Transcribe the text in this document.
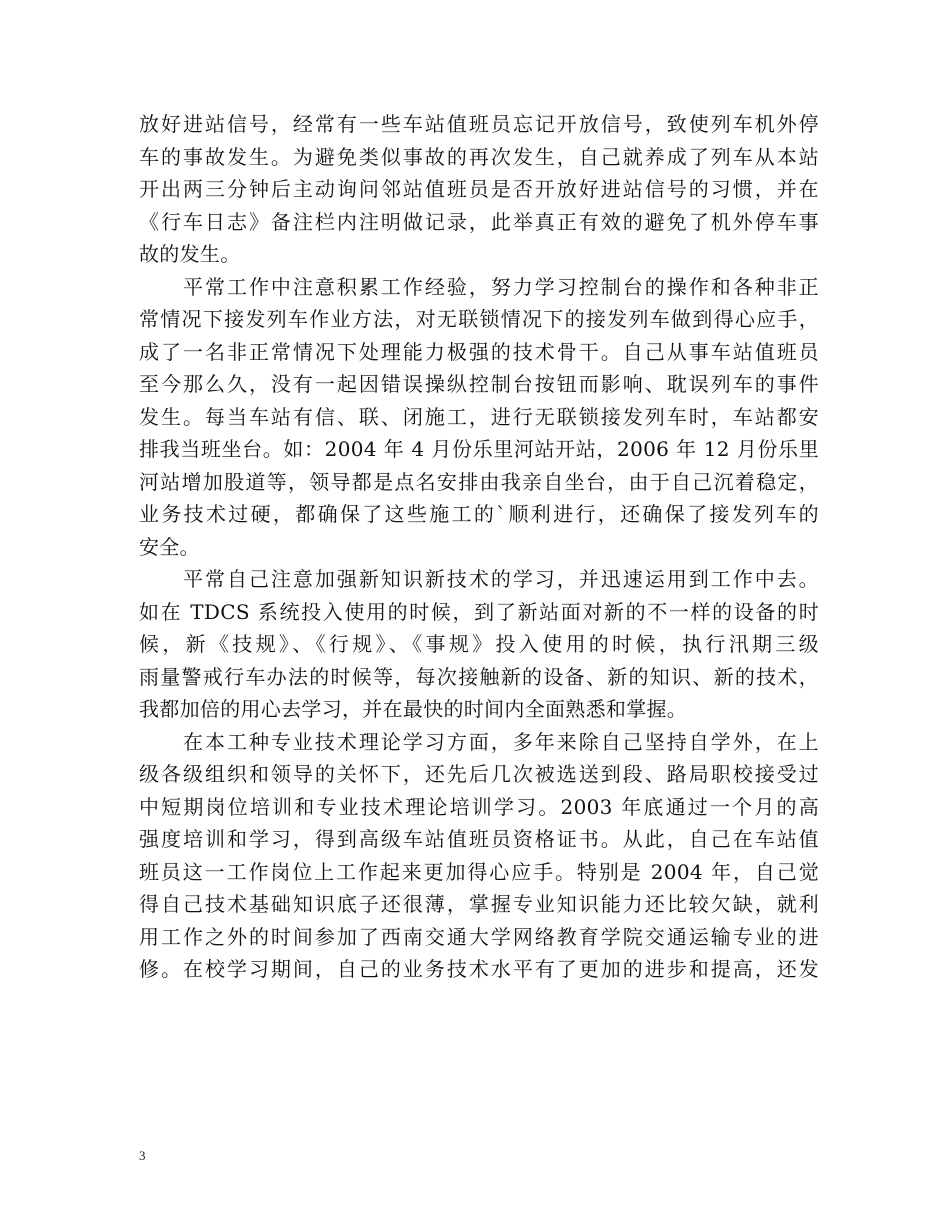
放好进站信号，经常有一些车站值班员忘记开放信号，致使列车机外停
车的事故发生。为避免类似事故的再次发生，自己就养成了列车从本站
开出两三分钟后主动询问邻站值班员是否开放好进站信号的习惯，并在
《行车日志》备注栏内注明做记录，此举真正有效的避免了机外停车事
故的发生。
　　平常工作中注意积累工作经验，努力学习控制台的操作和各种非正
常情况下接发列车作业方法，对无联锁情况下的接发列车做到得心应手，
成了一名非正常情况下处理能力极强的技术骨干。自己从事车站值班员
至今那么久，没有一起因错误操纵控制台按钮而影响、耽误列车的事件
发生。每当车站有信、联、闭施工，进行无联锁接发列车时，车站都安
排我当班坐台。如：2004 年 4 月份乐里河站开站，2006 年 12 月份乐里
河站增加股道等，领导都是点名安排由我亲自坐台，由于自己沉着稳定，
业务技术过硬，都确保了这些施工的`顺利进行，还确保了接发列车的
安全。
　　平常自己注意加强新知识新技术的学习，并迅速运用到工作中去。
如在 TDCS 系统投入使用的时候，到了新站面对新的不一样的设备的时
候，新《技规》、《行规》、《事规》投入使用的时候，执行汛期三级
雨量警戒行车办法的时候等，每次接触新的设备、新的知识、新的技术，
我都加倍的用心去学习，并在最快的时间内全面熟悉和掌握。
　　在本工种专业技术理论学习方面，多年来除自己坚持自学外，在上
级各级组织和领导的关怀下，还先后几次被选送到段、路局职校接受过
中短期岗位培训和专业技术理论培训学习。2003 年底通过一个月的高
强度培训和学习，得到高级车站值班员资格证书。从此，自己在车站值
班员这一工作岗位上工作起来更加得心应手。特别是 2004 年，自己觉
得自己技术基础知识底子还很薄，掌握专业知识能力还比较欠缺，就利
用工作之外的时间参加了西南交通大学网络教育学院交通运输专业的进
修。在校学习期间，自己的业务技术水平有了更加的进步和提高，还发
3
